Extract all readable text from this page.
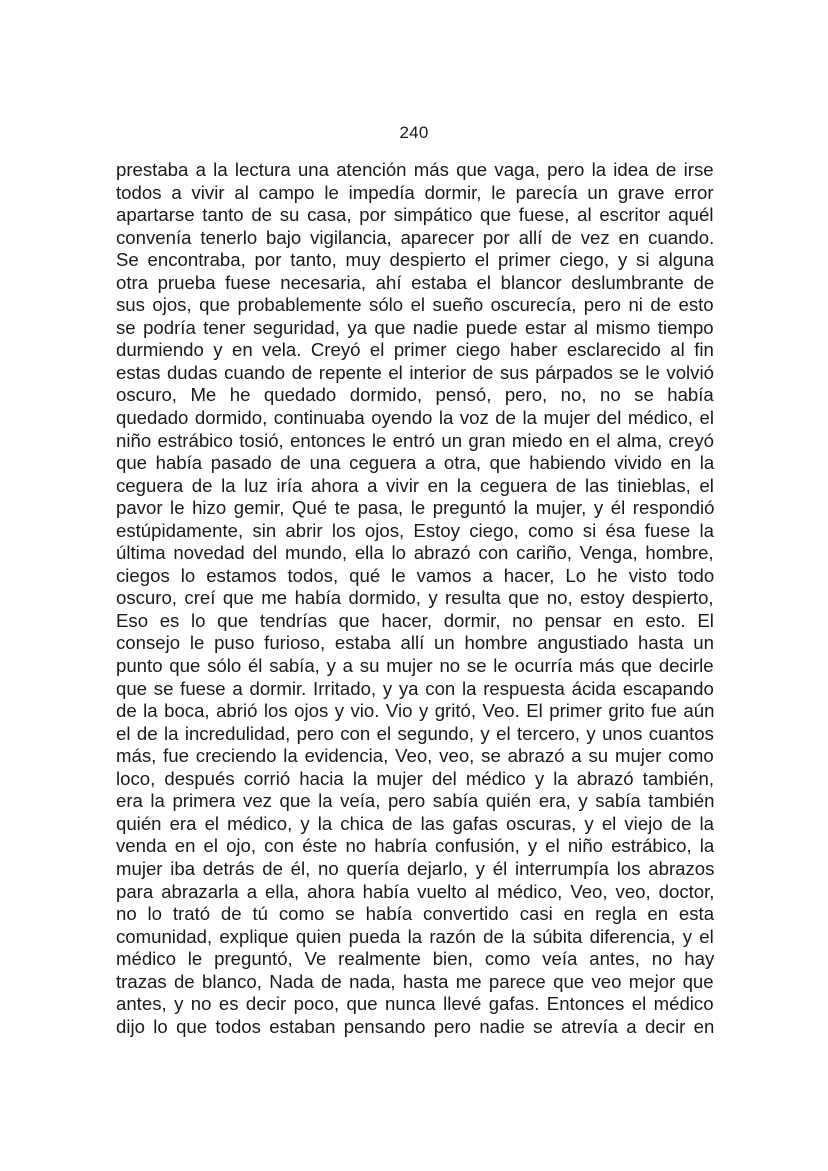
240
prestaba a la lectura una atención más que vaga, pero la idea de irse
todos a vivir al campo le impedía dormir, le parecía un grave error
apartarse tanto de su casa, por simpático que fuese, al escritor aquél
convenía tenerlo bajo vigilancia, aparecer por allí de vez en cuando.
Se encontraba, por tanto, muy despierto el primer ciego, y si alguna
otra prueba fuese necesaria, ahí estaba el blancor deslumbrante de
sus ojos, que probablemente sólo el sueño oscurecía, pero ni de esto
se podría tener seguridad, ya que nadie puede estar al mismo tiempo
durmiendo y en vela. Creyó el primer ciego haber esclarecido al fin
estas dudas cuando de repente el interior de sus párpados se le volvió
oscuro, Me he quedado dormido, pensó, pero, no, no se había
quedado dormido, continuaba oyendo la voz de la mujer del médico, el
niño estrábico tosió, entonces le entró un gran miedo en el alma, creyó
que había pasado de una ceguera a otra, que habiendo vivido en la
ceguera de la luz iría ahora a vivir en la ceguera de las tinieblas, el
pavor le hizo gemir, Qué te pasa, le preguntó la mujer, y él respondió
estúpidamente, sin abrir los ojos, Estoy ciego, como si ésa fuese la
última novedad del mundo, ella lo abrazó con cariño, Venga, hombre,
ciegos lo estamos todos, qué le vamos a hacer, Lo he visto todo
oscuro, creí que me había dormido, y resulta que no, estoy despierto,
Eso es lo que tendrías que hacer, dormir, no pensar en esto. El
consejo le puso furioso, estaba allí un hombre angustiado hasta un
punto que sólo él sabía, y a su mujer no se le ocurría más que decirle
que se fuese a dormir. Irritado, y ya con la respuesta ácida escapando
de la boca, abrió los ojos y vio. Vio y gritó, Veo. El primer grito fue aún
el de la incredulidad, pero con el segundo, y el tercero, y unos cuantos
más, fue creciendo la evidencia, Veo, veo, se abrazó a su mujer como
loco, después corrió hacia la mujer del médico y la abrazó también,
era la primera vez que la veía, pero sabía quién era, y sabía también
quién era el médico, y la chica de las gafas oscuras, y el viejo de la
venda en el ojo, con éste no habría confusión, y el niño estrábico, la
mujer iba detrás de él, no quería dejarlo, y él interrumpía los abrazos
para abrazarla a ella, ahora había vuelto al médico, Veo, veo, doctor,
no lo trató de tú como se había convertido casi en regla en esta
comunidad, explique quien pueda la razón de la súbita diferencia, y el
médico le preguntó, Ve realmente bien, como veía antes, no hay
trazas de blanco, Nada de nada, hasta me parece que veo mejor que
antes, y no es decir poco, que nunca llevé gafas. Entonces el médico
dijo lo que todos estaban pensando pero nadie se atrevía a decir en
